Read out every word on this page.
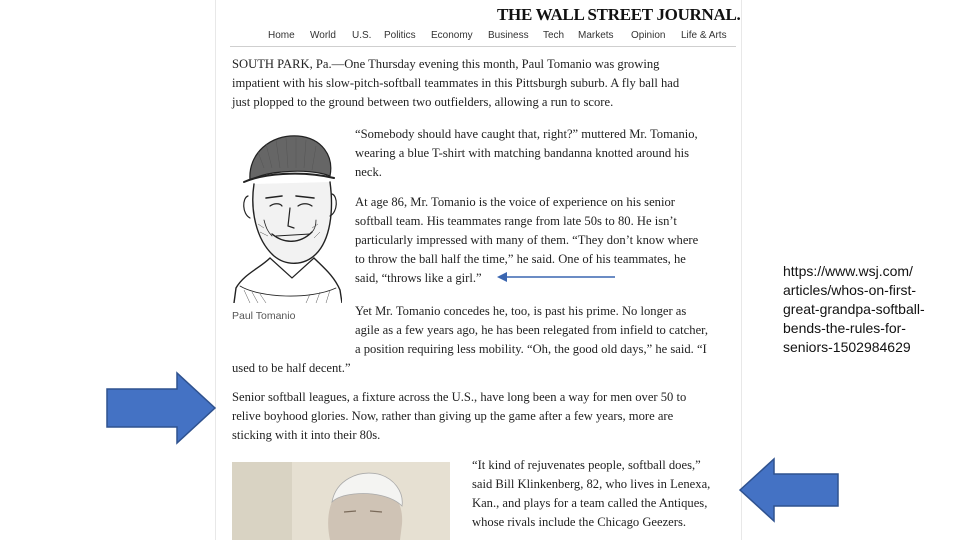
THE WALL STREET JOURNAL.
Home World U.S. Politics Economy Business Tech Markets Opinion Life & Arts
SOUTH PARK, Pa.—One Thursday evening this month, Paul Tomanio was growing
impatient with his slow-pitch-softball teammates in this Pittsburgh suburb. A fly ball had
just plopped to the ground between two outfielders, allowing a run to score.
Paul Tomanio
“Somebody should have caught that, right?” muttered Mr. Tomanio,
wearing a blue T-shirt with matching bandanna knotted around his
neck.
At age 86, Mr. Tomanio is the voice of experience on his senior
softball team. His teammates range from late 50s to 80. He isn’t
particularly impressed with many of them. “They don’t know where
to throw the ball half the time,” he said. One of his teammates, he
said, “throws like a girl.”
Yet Mr. Tomanio concedes he, too, is past his prime. No longer as
agile as a few years ago, he has been relegated from infield to catcher,
a position requiring less mobility. “Oh, the good old days,” he said. “I
used to be half decent.”
Senior softball leagues, a fixture across the U.S., have long been a way for men over 50 to
relive boyhood glories. Now, rather than giving up the game after a few years, more are
sticking with it into their 80s.
“It kind of rejuvenates people, softball does,”
said Bill Klinkenberg, 82, who lives in Lenexa,
Kan., and plays for a team called the Antiques,
whose rivals include the Chicago Geezers.
https://www.wsj.com/
articles/whos-on-first-
great-grandpa-softball-
bends-the-rules-for-
seniors-1502984629
